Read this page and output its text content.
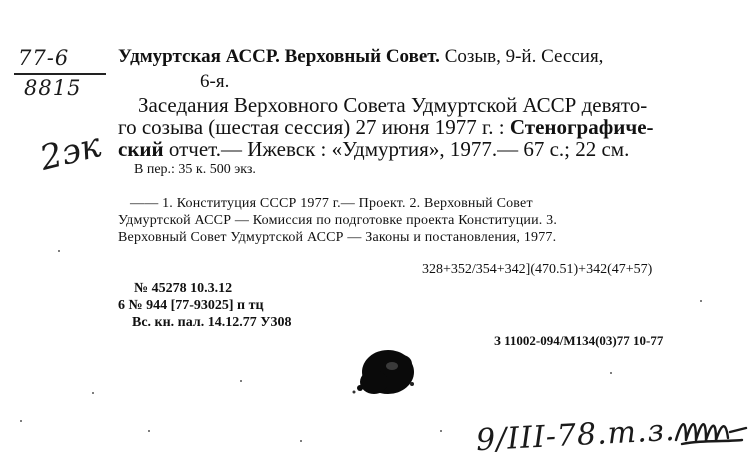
77-6
8815
2эк
Удмуртская АССР. Верховный Совет. Созыв, 9-й. Сессия,
6-я.
Заседания Верховного Совета Удмуртской АССР девято-
го созыва (шестая сессия) 27 июня 1977 г. : Стенографиче-
ский отчет.— Ижевск : «Удмуртия», 1977.— 67 с.; 22 см.
В пер.: 35 к. 500 экз.
—— 1. Конституция СССР 1977 г.— Проект. 2. Верховный Совет
Удмуртской АССР — Комиссия по подготовке проекта Конституции. 3.
Верховный Совет Удмуртской АССР — Законы и постановления, 1977.
328+352/354+342](470.51)+342(47+57)
№ 45278 10.3.12
6 № 944 [77-93025] п тц
Вс. кн. пал. 14.12.77 У308
З 11002-094/М134(03)77 10-77
9/III-78.т.з.
